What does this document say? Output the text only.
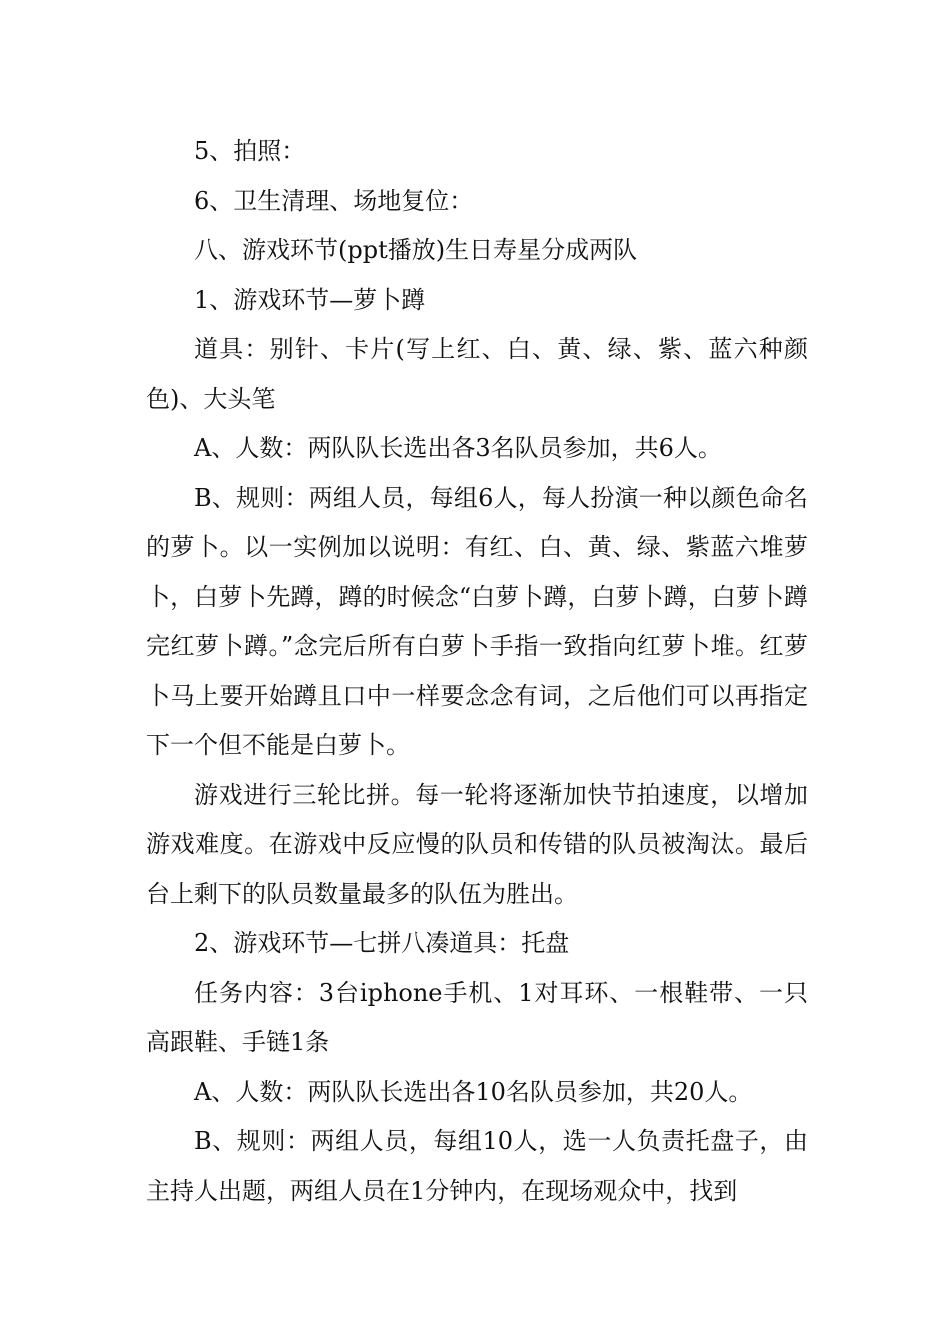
5、拍照：

6、卫生清理、场地复位：

八、游戏环节(ppt播放)生日寿星分成两队

1、游戏环节—萝卜蹲

道具：别针、卡片(写上红、白、黄、绿、紫、蓝六种颜色)、大头笔

A、人数：两队队长选出各3名队员参加，共6人。

B、规则：两组人员，每组6人，每人扮演一种以颜色命名的萝卜。以一实例加以说明：有红、白、黄、绿、紫蓝六堆萝卜，白萝卜先蹲，蹲的时候念“白萝卜蹲，白萝卜蹲，白萝卜蹲完红萝卜蹲。”念完后所有白萝卜手指一致指向红萝卜堆。红萝卜马上要开始蹲且口中一样要念念有词，之后他们可以再指定下一个但不能是白萝卜。

游戏进行三轮比拼。每一轮将逐渐加快节拍速度，以增加游戏难度。在游戏中反应慢的队员和传错的队员被淘汰。最后台上剩下的队员数量最多的队伍为胜出。

2、游戏环节—七拼八凑道具：托盘

任务内容：3台iphone手机、1对耳环、一根鞋带、一只高跟鞋、手链1条

A、人数：两队队长选出各10名队员参加，共20人。

B、规则：两组人员，每组10人，选一人负责托盘子，由主持人出题，两组人员在1分钟内，在现场观众中，找到
